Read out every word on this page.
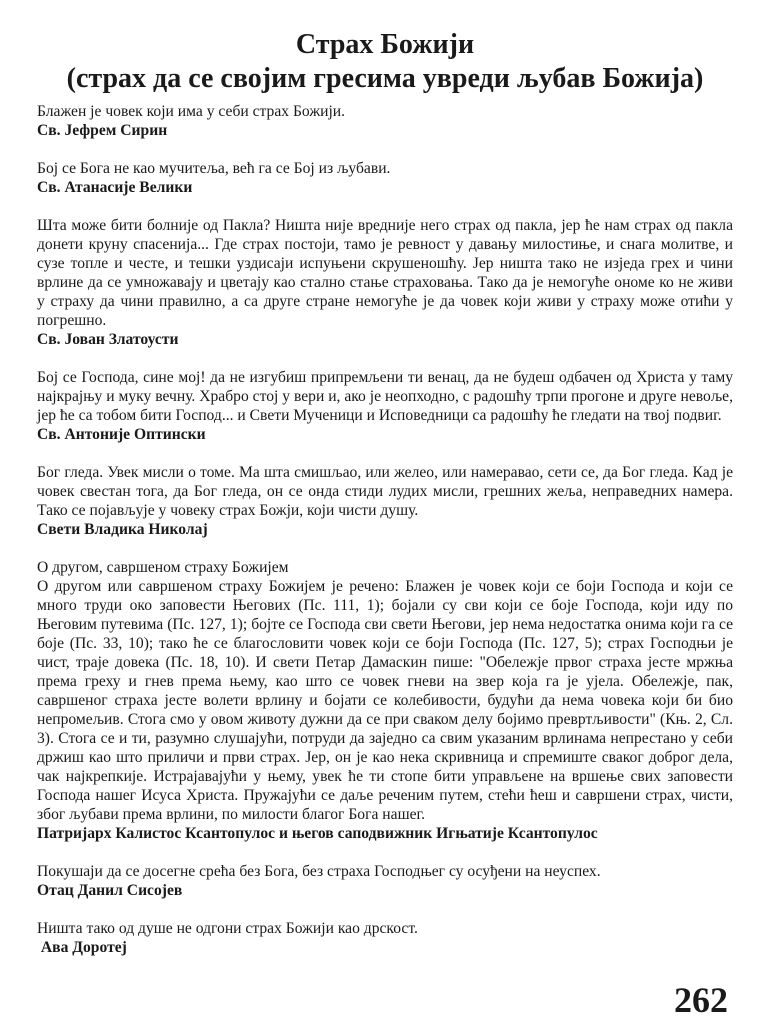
Страх Божији
(страх да се својим гресима увреди љубав Божија)

Блажен је човек који има у себи страх Божији.

Св. Јефрем Сирин

Бој се Бога не као мучитеља, већ га се Бој из љубави.

Св. Атанасије Велики

Шта може бити болније од Пакла? Ништа није вредније него страх од пакла, јер ће нам страх од пакла донети круну спасенија... Где страх постоји, тамо је ревност у давању милостиње, и снага молитве, и сузе топле и честе, и тешки уздисаји испуњени скрушеношћу. Јер ништа тако не изједа грех и чини врлине да се умножавају и цветају као стално стање страховања. Тако да је немогуће ономе ко не живи у страху да чини правилно, а са друге стране немогуће је да човек који живи у страху може отићи у погрешно.

Св. Јован Златоусти

Бој се Господа, сине мој! да не изгубиш припремљени ти венац, да не будеш одбачен од Христа у таму најкрајњу и муку вечну. Храбро стој у вери и, ако је неопходно, с радошћу трпи прогоне и друге невоље, јер ће са тобом бити Господ... и Свети Мученици и Исповедници са радошћу ће гледати на твој подвиг.

Св. Антоније Оптински

Бог гледа. Увек мисли о томе. Ма шта смишљао, или желео, или намеравао, сети се, да Бог гледа. Кад је човек свестан тога, да Бог гледа, он се онда стиди лудих мисли, грешних жеља, неправедних намера. Тако се појављује у човеку страх Божји, који чисти душу.

Свети Владика Николај

О другом, савршеном страху Божијем

О другом или савршеном страху Божијем је речено: Блажен је човек који се боји Господа и који се много труди око заповести Његових (Пс. 111, 1); бојали су сви који се боје Господа, који иду по Његовим путевима (Пс. 127, 1); бојте се Господа сви свети Његови, јер нема недостатка онима који га се боје (Пс. 33, 10); тако ће се благословити човек који се боји Господа (Пс. 127, 5); страх Господњи је чист, траје довека (Пс. 18, 10). И свети Петар Дамаскин пише: "Обележје првог страха јесте мржња према греху и гнев према њему, као што се човек гневи на звер која га је ујела. Обележје, пак, савршеног страха јесте волети врлину и бојати се колебивости, будући да нема човека који би био непромељив. Стога смо у овом животу дужни да се при сваком делу бојимо превртљивости" (Књ. 2, Сл. 3). Стога се и ти, разумно слушајући, потруди да заједно са свим указаним врлинама непрестано у себи држиш као што приличи и први страх. Јер, он је као нека скривница и спремиште сваког доброг дела, чак најкрепкије. Истрајавајући у њему, увек ће ти стопе бити управљене на вршење свих заповести Господа нашег Исуса Христа. Пружајући се даље реченим путем, стећи ћеш и савршени страх, чисти, због љубави према врлини, по милости благог Бога нашег.

Патријарх Калистос Ксантопулос и његов саподвижник Игњатије Ксантопулос

Покушаји да се досегне срећа без Бога, без страха Господњег су осуђени на неуспех.

Отац Данил Сисојев

Ништа тако од душе не одгони страх Божији као дрскост.

Ава Доротеј

262
